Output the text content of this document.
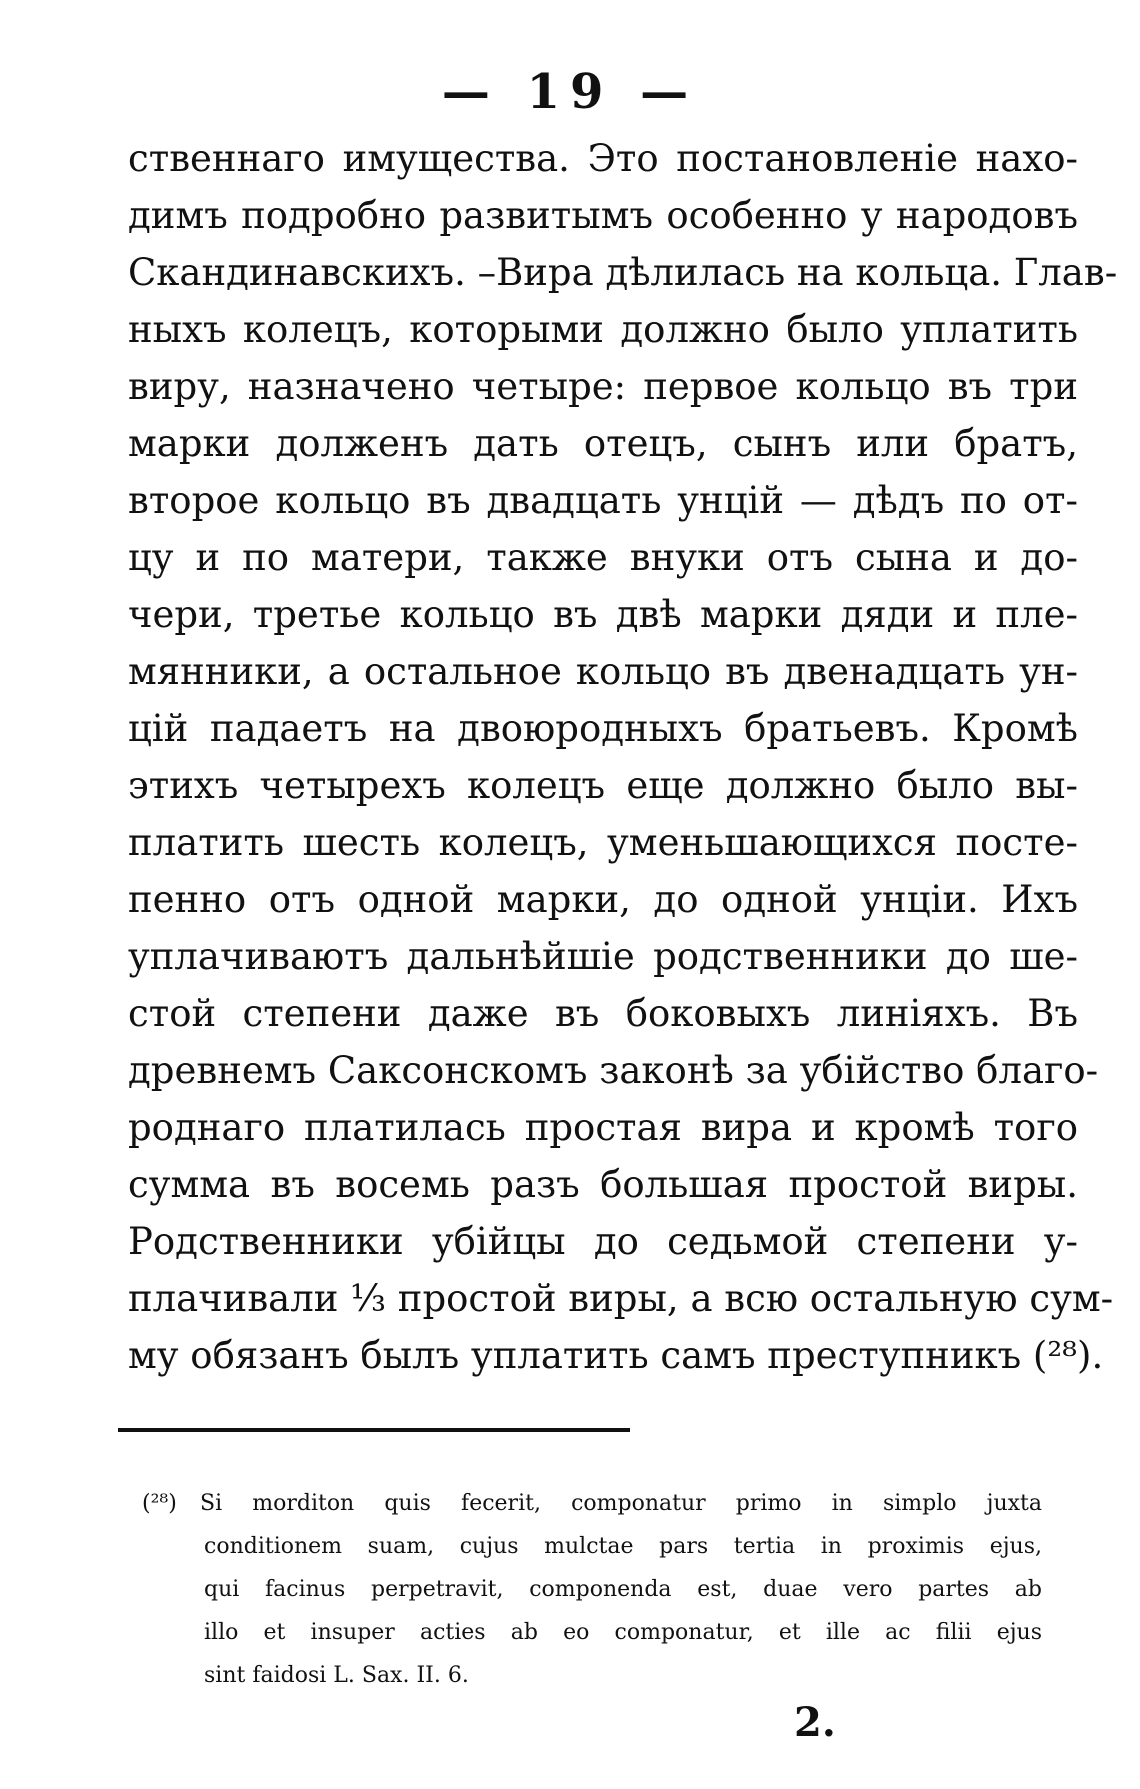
— 19 —
ственнаго имущества. Это постановленіе нахо-
димъ подробно развитымъ особенно у народовъ
Скандинавскихъ. –Вира дѣлилась на кольца. Глав-
ныхъ колецъ, которыми должно было уплатить
виру, назначено четыре: первое кольцо въ три
марки долженъ дать отецъ, сынъ или братъ,
второе кольцо въ двадцать унцій — дѣдъ по от-
цу и по матери, также внуки отъ сына и до-
чери, третье кольцо въ двѣ марки дяди и пле-
мянники, а остальное кольцо въ двенадцать ун-
цій падаетъ на двоюродныхъ братьевъ. Кромѣ
этихъ четырехъ колецъ еще должно было вы-
платить шесть колецъ, уменьшающихся посте-
пенно отъ одной марки, до одной унціи. Ихъ
уплачиваютъ дальнѣйшіе родственники до ше-
стой степени даже въ боковыхъ линіяхъ. Въ
древнемъ Саксонскомъ законѣ за убійство благо-
роднаго платилась простая вира и кромѣ того
сумма въ восемь разъ большая простой виры.
Родственники убійцы до седьмой степени у-
плачивали ⅓ простой виры, а всю остальную сум-
му обязанъ былъ уплатить самъ преступникъ (²⁸).
(²⁸) Si morditon quis fecerit, componatur primo in simplo juxta
conditionem suam, cujus mulctae pars tertia in proximis ejus,
qui facinus perpetravit, componenda est, duae vero partes ab
illo et insuper acties ab eo componatur, et ille ac filii ejus
sint faidosi L. Sax. II. 6.
2.
